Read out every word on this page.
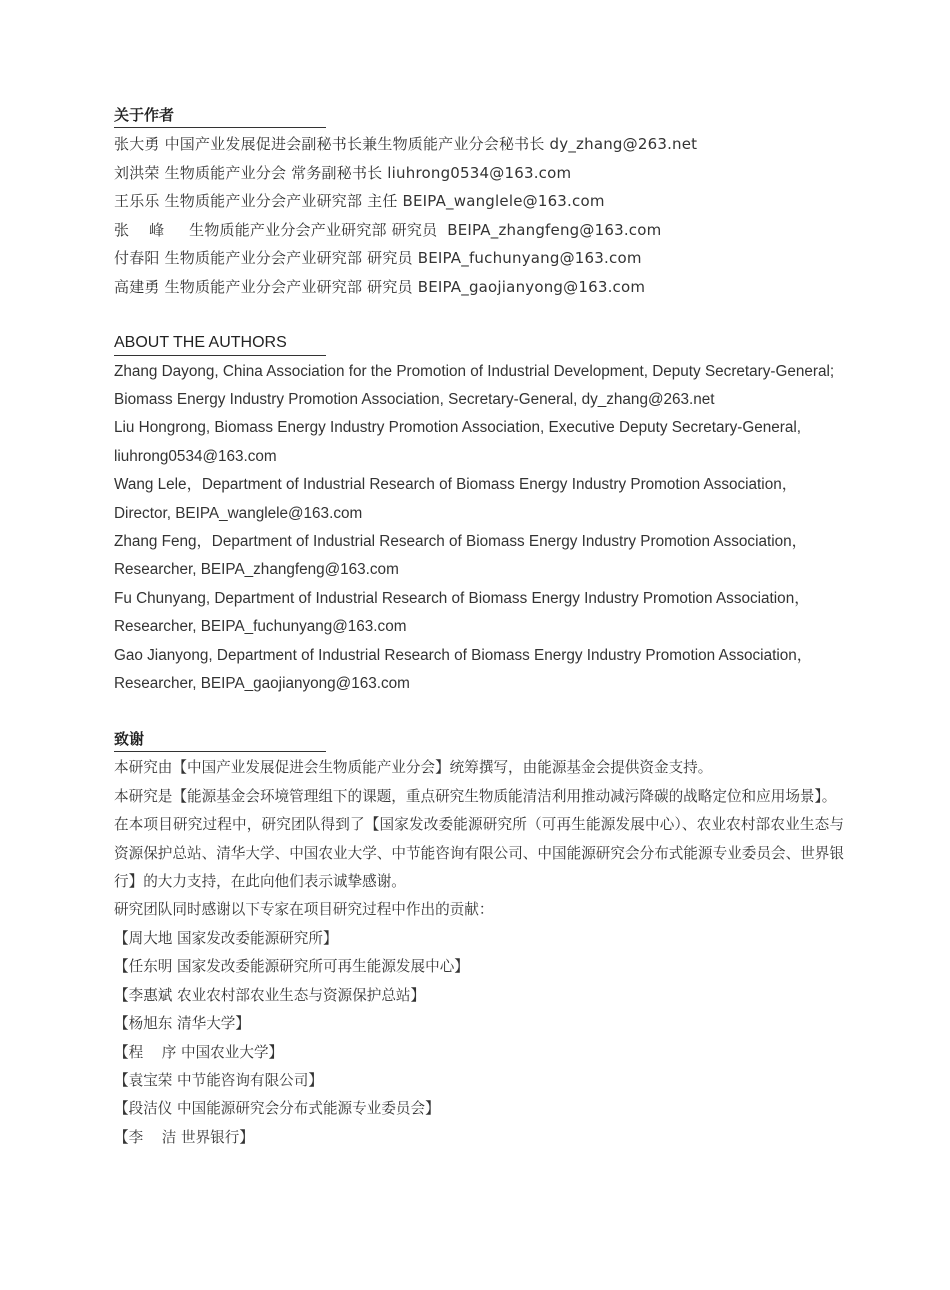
关于作者
张大勇 中国产业发展促进会副秘书长兼生物质能产业分会秘书长 dy_zhang@263.net
刘洪荣 生物质能产业分会 常务副秘书长 liuhrong0534@163.com
王乐乐 生物质能产业分会产业研究部 主任 BEIPA_wanglele@163.com
张    峰     生物质能产业分会产业研究部 研究员  BEIPA_zhangfeng@163.com
付春阳 生物质能产业分会产业研究部 研究员 BEIPA_fuchunyang@163.com
高建勇 生物质能产业分会产业研究部 研究员 BEIPA_gaojianyong@163.com
ABOUT THE AUTHORS
Zhang Dayong, China Association for the Promotion of Industrial Development, Deputy Secretary-General; Biomass Energy Industry Promotion Association, Secretary-General, dy_zhang@263.net
Liu Hongrong, Biomass Energy Industry Promotion Association, Executive Deputy Secretary-General, liuhrong0534@163.com
Wang Lele，Department of Industrial Research of Biomass Energy Industry Promotion Association，Director, BEIPA_wanglele@163.com
Zhang Feng，Department of Industrial Research of Biomass Energy Industry Promotion Association，Researcher, BEIPA_zhangfeng@163.com
Fu Chunyang, Department of Industrial Research of Biomass Energy Industry Promotion Association，Researcher, BEIPA_fuchunyang@163.com
Gao Jianyong, Department of Industrial Research of Biomass Energy Industry Promotion Association，Researcher, BEIPA_gaojianyong@163.com
致谢
本研究由【中国产业发展促进会生物质能产业分会】统筹撰写，由能源基金会提供资金支持。
本研究是【能源基金会环境管理组下的课题，重点研究生物质能清洁利用推动减污降碳的战略定位和应用场景】。
在本项目研究过程中，研究团队得到了【国家发改委能源研究所（可再生能源发展中心）、农业农村部农业生态与资源保护总站、清华大学、中国农业大学、中节能咨询有限公司、中国能源研究会分布式能源专业委员会、世界银行】的大力支持，在此向他们表示诚挚感谢。
研究团队同时感谢以下专家在项目研究过程中作出的贡献：
【周大地 国家发改委能源研究所】
【任东明 国家发改委能源研究所可再生能源发展中心】
【李惠斌 农业农村部农业生态与资源保护总站】
【杨旭东 清华大学】
【程    序 中国农业大学】
【袁宝荣 中节能咨询有限公司】
【段洁仪 中国能源研究会分布式能源专业委员会】
【李    洁 世界银行】
